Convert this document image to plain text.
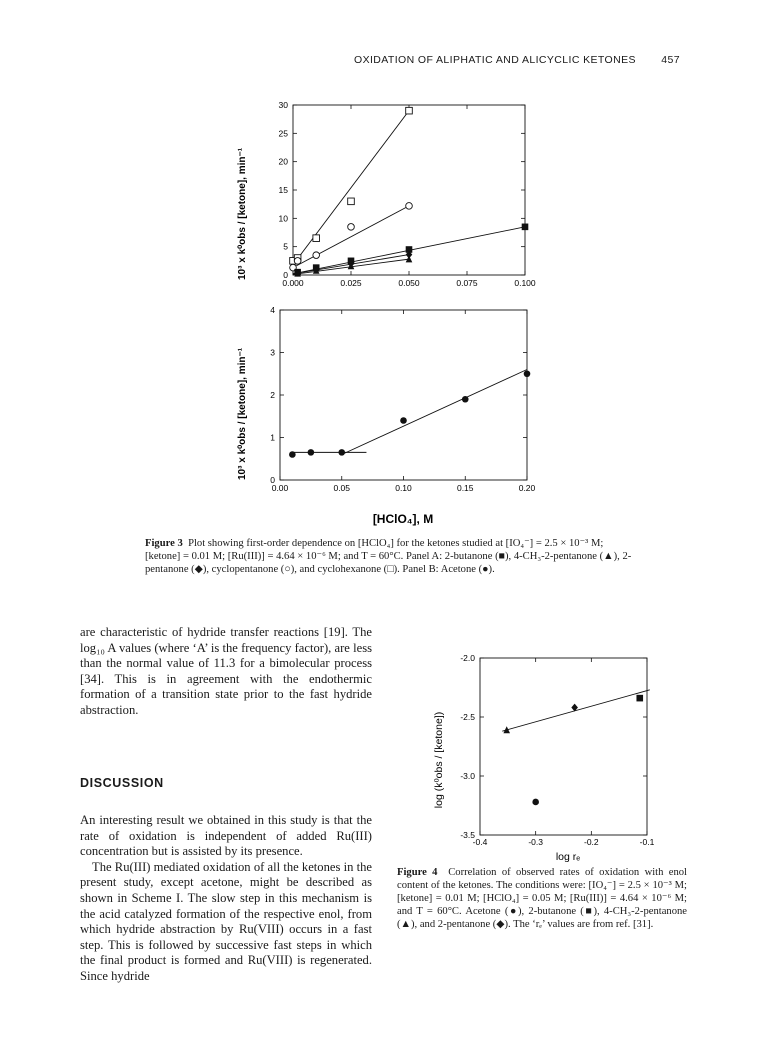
OXIDATION OF ALIPHATIC AND ALICYCLIC KETONES 457
0.000	0.025	0.050	0.075	0.100
0
5
10
15
20
25
30
0.00	0.05	0.10	0.15	0.20
0
1
2
3
4
10³ x k⁰obs / [ketone], min⁻¹
10³ x k⁰obs / [ketone], min⁻¹
[HClO₄], M
Figure 3 Plot showing first-order dependence on [HClO₄] for the ketones studied at [IO₄⁻] = 2.5 × 10⁻³ M; [ketone] = 0.01 M; [Ru(III)] = 4.64 × 10⁻⁶ M; and T = 60°C. Panel A: 2-butanone (■), 4-CH₃-2-pentanone (▲), 2-pentanone (◆), cyclopentanone (○), and cyclohexanone (□). Panel B: Acetone (●).

are characteristic of hydride transfer reactions [19]. The log₁₀ A values (where ‘A’ is the frequency factor), are less than the normal value of 11.3 for a bimolecular process [34]. This is in agreement with the endothermic formation of a transition state prior to the fast hydride abstraction.

DISCUSSION

An interesting result we obtained in this study is that the rate of oxidation is independent of added Ru(III) concentration but is assisted by its presence.

The Ru(III) mediated oxidation of all the ketones in the present study, except acetone, might be described as shown in Scheme I. The slow step in this mechanism is the acid catalyzed formation of the respective enol, from which hydride abstraction by Ru(VIII) occurs in a fast step. This is followed by successive fast steps in which the final product is formed and Ru(VIII) is regenerated. Since hydride

-0.4	-0.3	-0.2	-0.1
-2.0
-2.5
-3.0
-3.5
log (k⁰obs / [ketone])
log rₑ
Figure 4 Correlation of observed rates of oxidation with enol content of the ketones. The conditions were: [IO₄⁻] = 2.5 × 10⁻³ M; [ketone] = 0.01 M; [HClO₄] = 0.05 M; [Ru(III)] = 4.64 × 10⁻⁶ M; and T = 60°C. Acetone (●), 2-butanone (■), 4-CH₃-2-pentanone (▲), and 2-pentanone (◆). The ‘rₑ’ values are from ref. [31].
